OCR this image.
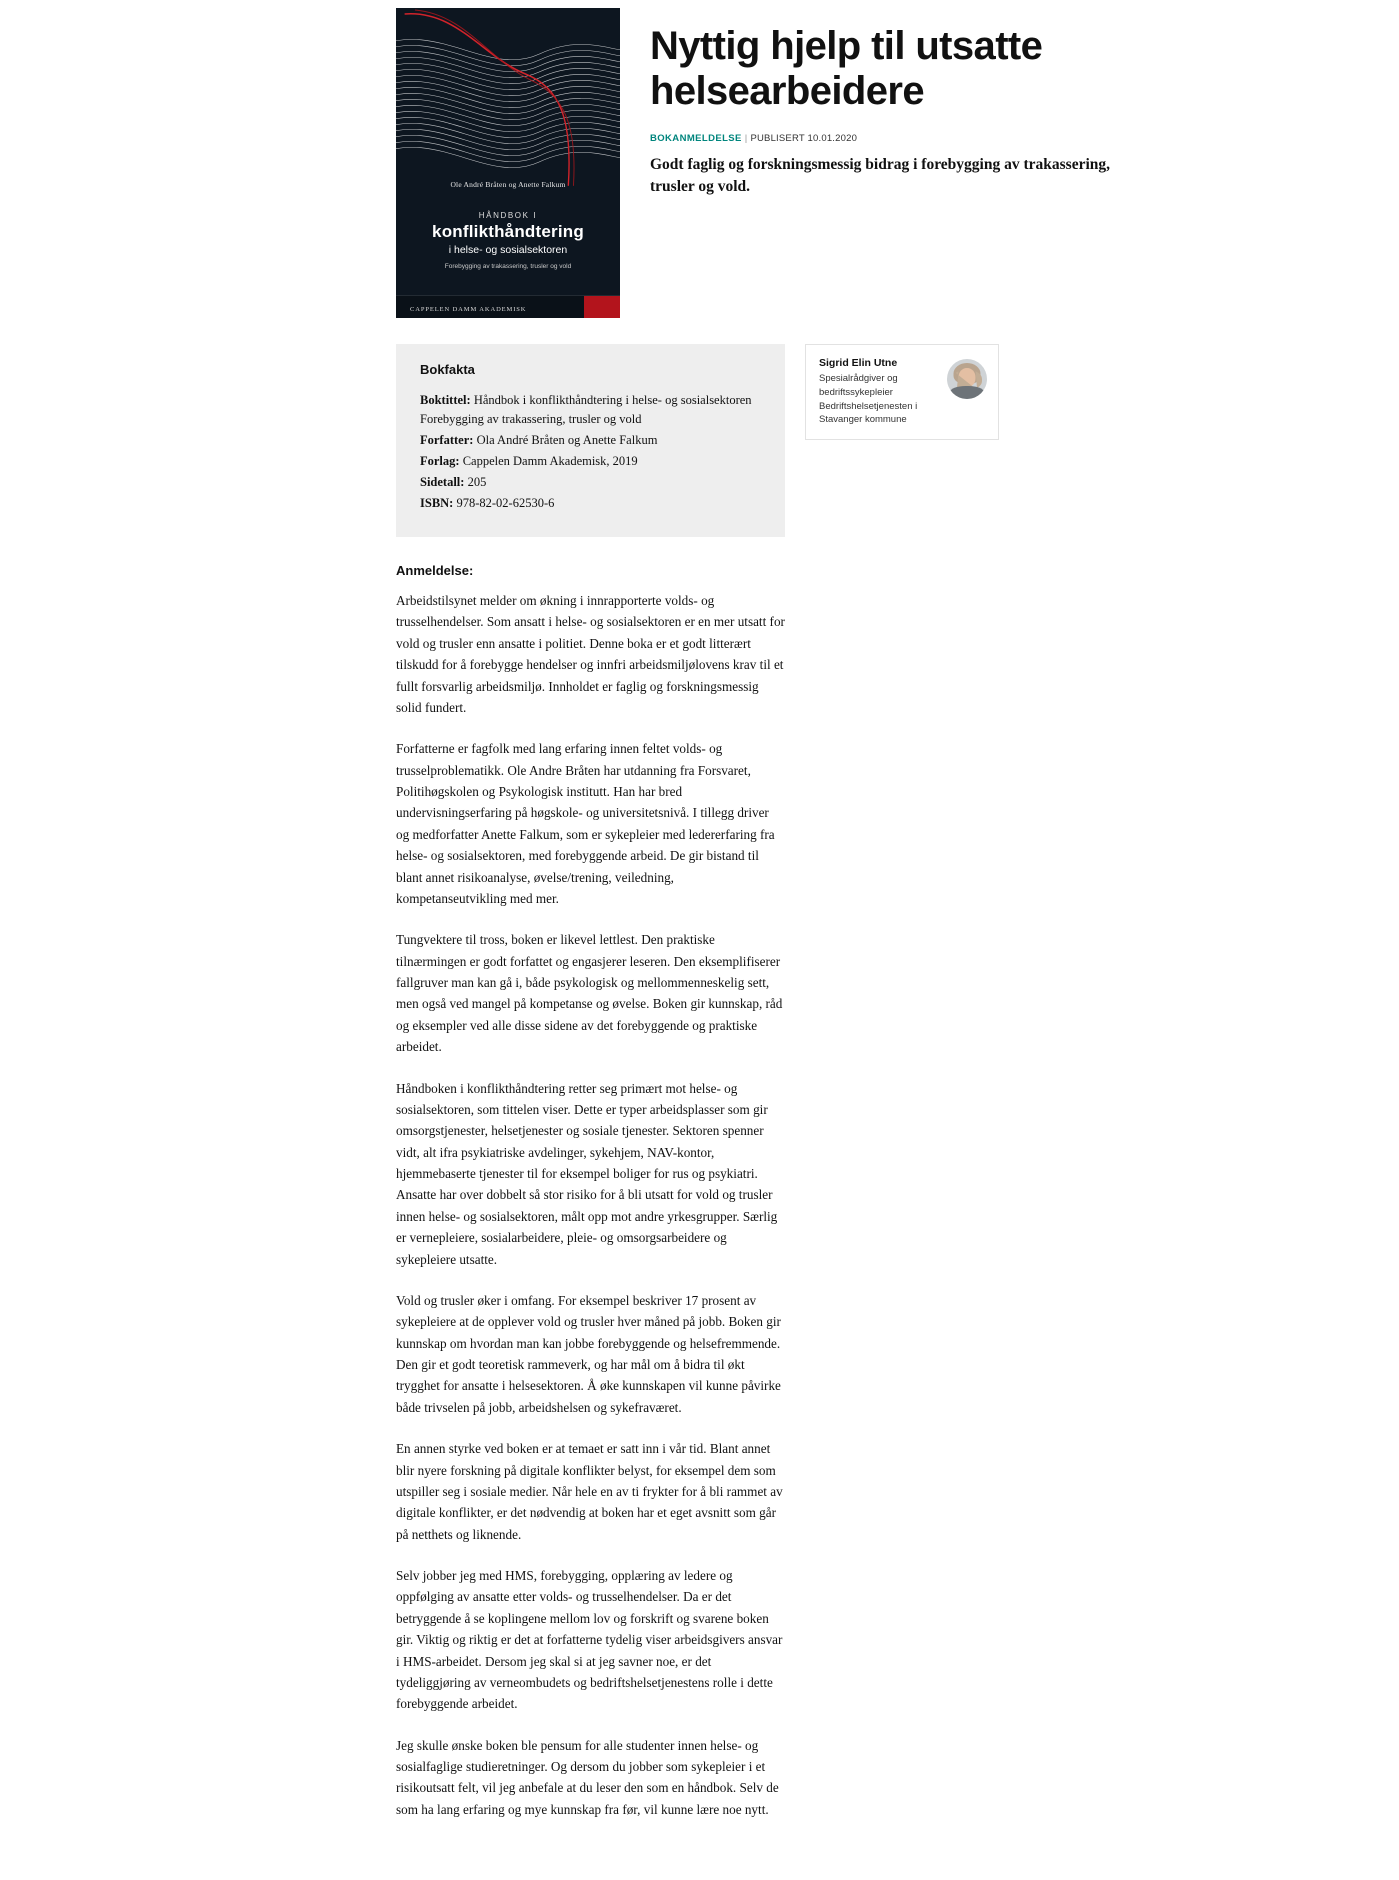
Ole André Bråten og Anette Falkum
HÅNDBOK I
konflikthåndtering
i helse- og sosialsektoren
Forebygging av trakassering, trusler og vold
CAPPELEN DAMM AKADEMISK
Nyttig hjelp til utsatte helsearbeidere
BOKANMELDELSE | PUBLISERT 10.01.2020
Godt faglig og forskningsmessig bidrag i forebygging av trakassering, trusler og vold.
Bokfakta

Boktittel: Håndbok i konflikthåndtering i helse- og sosialsektoren Forebygging av trakassering, trusler og vold

Forfatter: Ola André Bråten og Anette Falkum

Forlag: Cappelen Damm Akademisk, 2019

Sidetall: 205

ISBN: 978-82-02-62530-6

Sigrid Elin Utne
Spesialrådgiver og bedriftssykepleier Bedriftshelsetjenesten i Stavanger kommune
Anmeldelse:

Arbeidstilsynet melder om økning i innrapporterte volds- og trusselhendelser. Som ansatt i helse- og sosialsektoren er en mer utsatt for vold og trusler enn ansatte i politiet. Denne boka er et godt litterært tilskudd for å forebygge hendelser og innfri arbeidsmiljølovens krav til et fullt forsvarlig arbeidsmiljø. Innholdet er faglig og forskningsmessig solid fundert.

Forfatterne er fagfolk med lang erfaring innen feltet volds- og trusselproblematikk. Ole Andre Bråten har utdanning fra Forsvaret, Politihøgskolen og Psykologisk institutt. Han har bred undervisningserfaring på høgskole- og universitetsnivå. I tillegg driver og medforfatter Anette Falkum, som er sykepleier med ledererfaring fra helse- og sosialsektoren, med forebyggende arbeid. De gir bistand til blant annet risikoanalyse, øvelse/trening, veiledning, kompetanseutvikling med mer.

Tungvektere til tross, boken er likevel lettlest. Den praktiske tilnærmingen er godt forfattet og engasjerer leseren. Den eksemplifiserer fallgruver man kan gå i, både psykologisk og mellommenneskelig sett, men også ved mangel på kompetanse og øvelse. Boken gir kunnskap, råd og eksempler ved alle disse sidene av det forebyggende og praktiske arbeidet.

Håndboken i konflikthåndtering retter seg primært mot helse- og sosialsektoren, som tittelen viser. Dette er typer arbeidsplasser som gir omsorgstjenester, helsetjenester og sosiale tjenester. Sektoren spenner vidt, alt ifra psykiatriske avdelinger, sykehjem, NAV-kontor, hjemmebaserte tjenester til for eksempel boliger for rus og psykiatri. Ansatte har over dobbelt så stor risiko for å bli utsatt for vold og trusler innen helse- og sosialsektoren, målt opp mot andre yrkesgrupper. Særlig er vernepleiere, sosialarbeidere, pleie- og omsorgsarbeidere og sykepleiere utsatte.

Vold og trusler øker i omfang. For eksempel beskriver 17 prosent av sykepleiere at de opplever vold og trusler hver måned på jobb. Boken gir kunnskap om hvordan man kan jobbe forebyggende og helsefremmende. Den gir et godt teoretisk rammeverk, og har mål om å bidra til økt trygghet for ansatte i helsesektoren. Å øke kunnskapen vil kunne påvirke både trivselen på jobb, arbeidshelsen og sykefraværet.

En annen styrke ved boken er at temaet er satt inn i vår tid. Blant annet blir nyere forskning på digitale konflikter belyst, for eksempel dem som utspiller seg i sosiale medier. Når hele en av ti frykter for å bli rammet av digitale konflikter, er det nødvendig at boken har et eget avsnitt som går på netthets og liknende.

Selv jobber jeg med HMS, forebygging, opplæring av ledere og oppfølging av ansatte etter volds- og trusselhendelser. Da er det betryggende å se koplingene mellom lov og forskrift og svarene boken gir. Viktig og riktig er det at forfatterne tydelig viser arbeidsgivers ansvar i HMS-arbeidet. Dersom jeg skal si at jeg savner noe, er det tydeliggjøring av verneombudets og bedriftshelsetjenestens rolle i dette forebyggende arbeidet.

Jeg skulle ønske boken ble pensum for alle studenter innen helse- og sosialfaglige studieretninger. Og dersom du jobber som sykepleier i et risikoutsatt felt, vil jeg anbefale at du leser den som en håndbok. Selv de som ha lang erfaring og mye kunnskap fra før, vil kunne lære noe nytt.
